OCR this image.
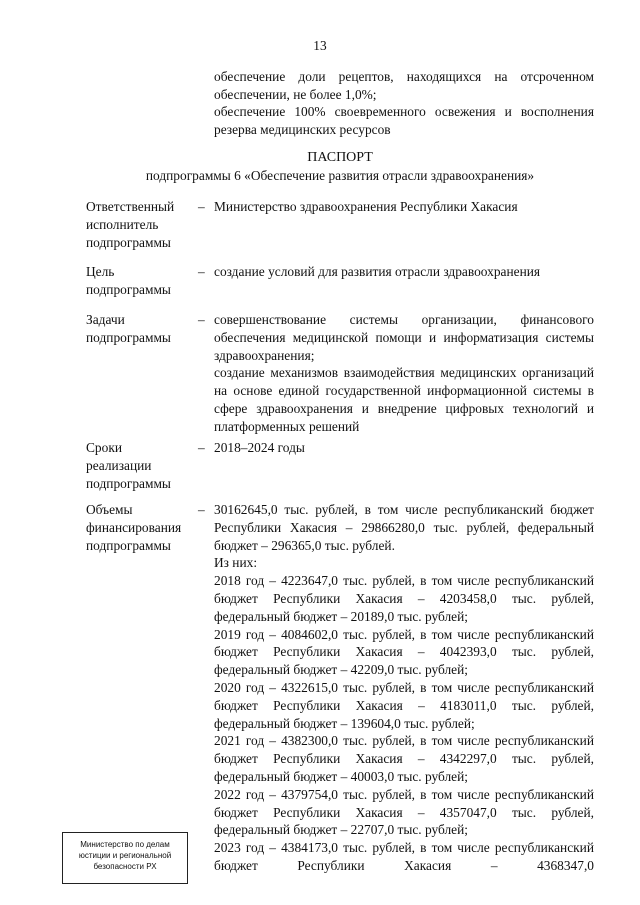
13

обеспечение доли рецептов, находящихся на отсроченном обеспечении, не более 1,0%;

обеспечение 100% своевременного освежения и восполнения резерва медицинских ресурсов

ПАСПОРТ
подпрограммы 6 «Обеспечение развития отрасли здравоохранения»
Ответственный исполнитель подпрограммы
– Министерство здравоохранения Республики Хакасия

Цель подпрограммы
– создание условий для развития отрасли здравоохранения

Задачи подпрограммы
– совершенствование системы организации, финансового обеспечения медицинской помощи и информатизация системы здравоохранения;

создание механизмов взаимодействия медицинских организаций на основе единой государственной информационной системы в сфере здравоохранения и внедрение цифровых технологий и платформенных решений

Сроки реализации подпрограммы
– 2018–2024 годы

Объемы финансирования подпрограммы
– 30162645,0 тыс. рублей, в том числе республиканский бюджет Республики Хакасия – 29866280,0 тыс. рублей, федеральный бюджет – 296365,0 тыс. рублей.

Из них:

2018 год – 4223647,0 тыс. рублей, в том числе республиканский бюджет Республики Хакасия – 4203458,0 тыс. рублей, федеральный бюджет – 20189,0 тыс. рублей;

2019 год – 4084602,0 тыс. рублей, в том числе республиканский бюджет Республики Хакасия – 4042393,0 тыс. рублей, федеральный бюджет – 42209,0 тыс. рублей;

2020 год – 4322615,0 тыс. рублей, в том числе республиканский бюджет Республики Хакасия – 4183011,0 тыс. рублей, федеральный бюджет – 139604,0 тыс. рублей;

2021 год – 4382300,0 тыс. рублей, в том числе республиканский бюджет Республики Хакасия – 4342297,0 тыс. рублей, федеральный бюджет – 40003,0 тыс. рублей;

2022 год – 4379754,0 тыс. рублей, в том числе республиканский бюджет Республики Хакасия – 4357047,0 тыс. рублей, федеральный бюджет – 22707,0 тыс. рублей;

2023 год – 4384173,0 тыс. рублей, в том числе республиканский бюджет Республики Хакасия – 4368347,0

Министерство по делам
юстиции и региональной
безопасности РХ
